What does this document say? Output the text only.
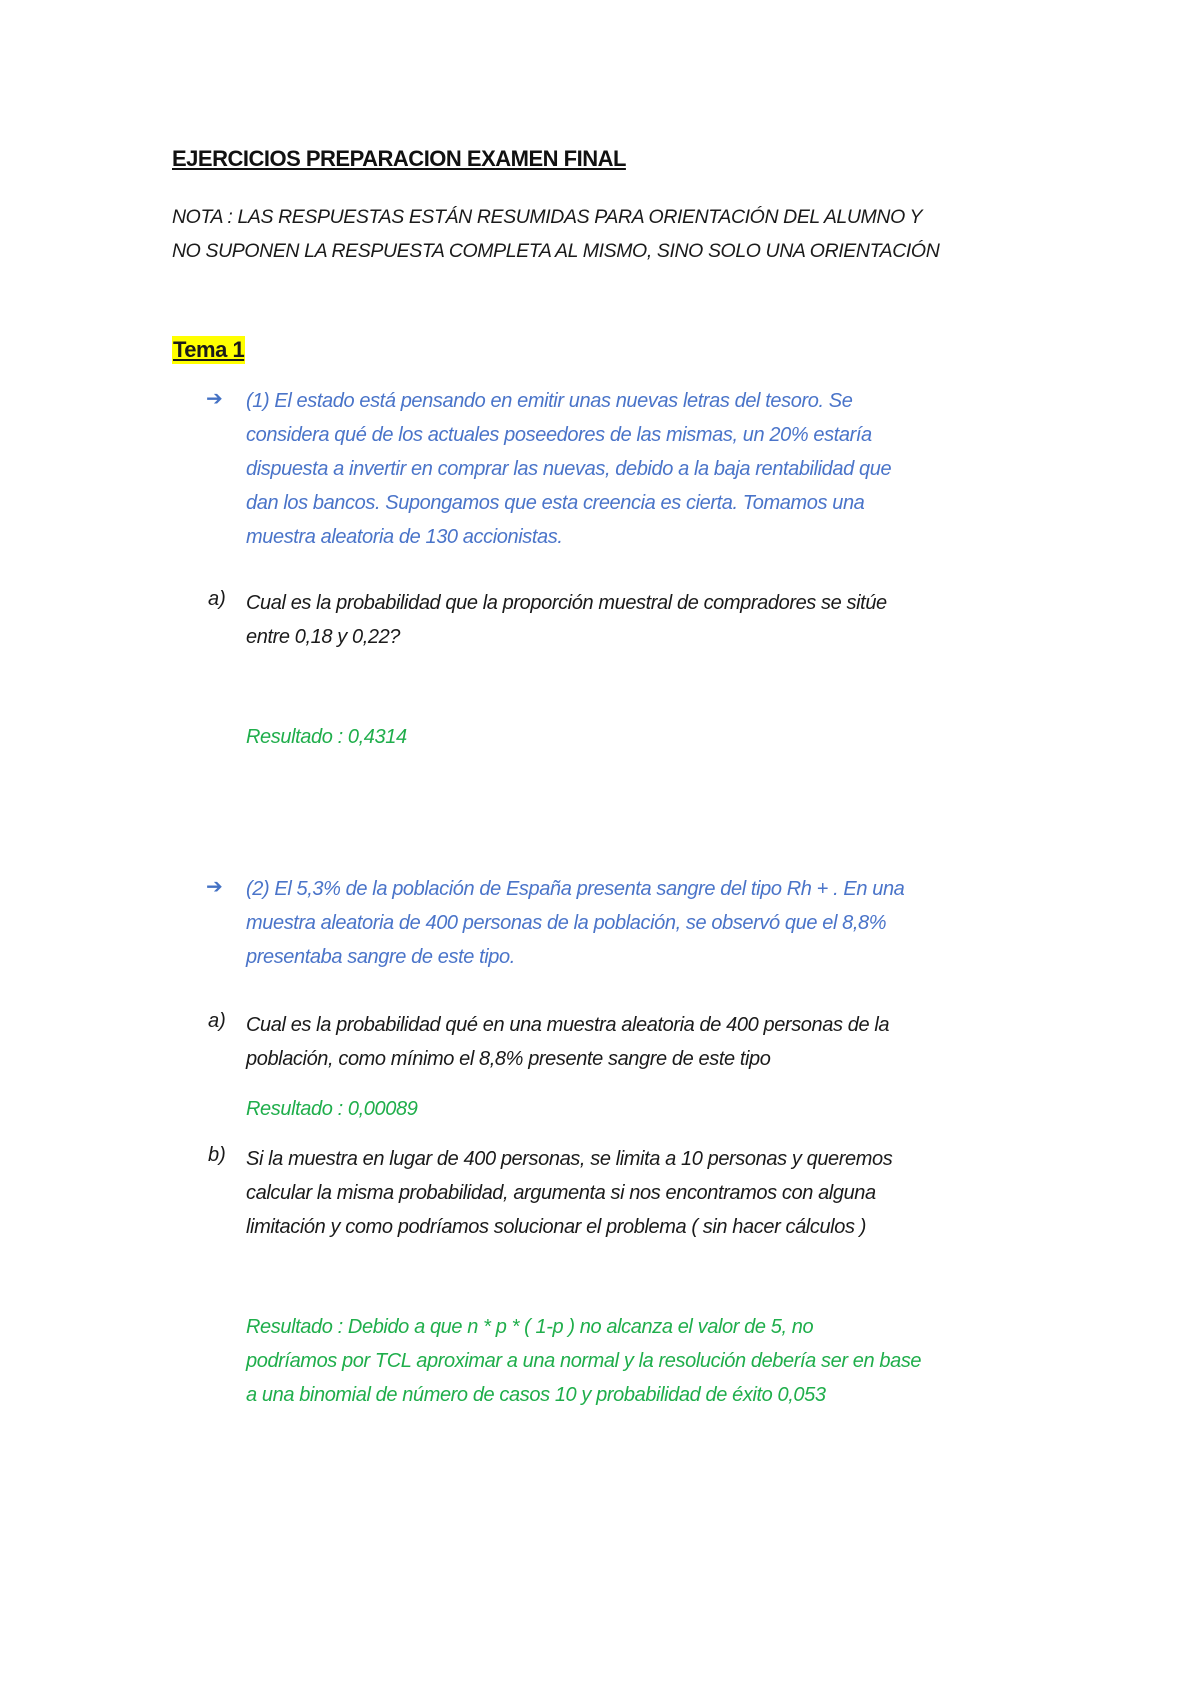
EJERCICIOS PREPARACION EXAMEN FINAL

NOTA : LAS RESPUESTAS ESTÁN RESUMIDAS PARA ORIENTACIÓN DEL ALUMNO Y
NO SUPONEN LA RESPUESTA COMPLETA AL MISMO, SINO SOLO UNA ORIENTACIÓN

Tema 1
➔ (1) El estado está pensando en emitir unas nuevas letras del tesoro. Se
considera qué de los actuales poseedores de las mismas, un 20% estaría
dispuesta a invertir en comprar las nuevas, debido a la baja rentabilidad que
dan los bancos. Supongamos que esta creencia es cierta. Tomamos una
muestra aleatoria de 130 accionistas.

a) Cual es la probabilidad que la proporción muestral de compradores se sitúe
entre 0,18 y 0,22?

Resultado : 0,4314

➔ (2) El 5,3% de la población de España presenta sangre del tipo Rh + . En una
muestra aleatoria de 400 personas de la población, se observó que el 8,8%
presentaba sangre de este tipo.

a) Cual es la probabilidad qué en una muestra aleatoria de 400 personas de la
población, como mínimo el 8,8% presente sangre de este tipo

Resultado : 0,00089

b) Si la muestra en lugar de 400 personas, se limita a 10 personas y queremos
calcular la misma probabilidad, argumenta si nos encontramos con alguna
limitación y como podríamos solucionar el problema ( sin hacer cálculos )

Resultado : Debido a que n * p * ( 1-p ) no alcanza el valor de 5, no
podríamos por TCL aproximar a una normal y la resolución debería ser en base
a una binomial de número de casos 10 y probabilidad de éxito 0,053
